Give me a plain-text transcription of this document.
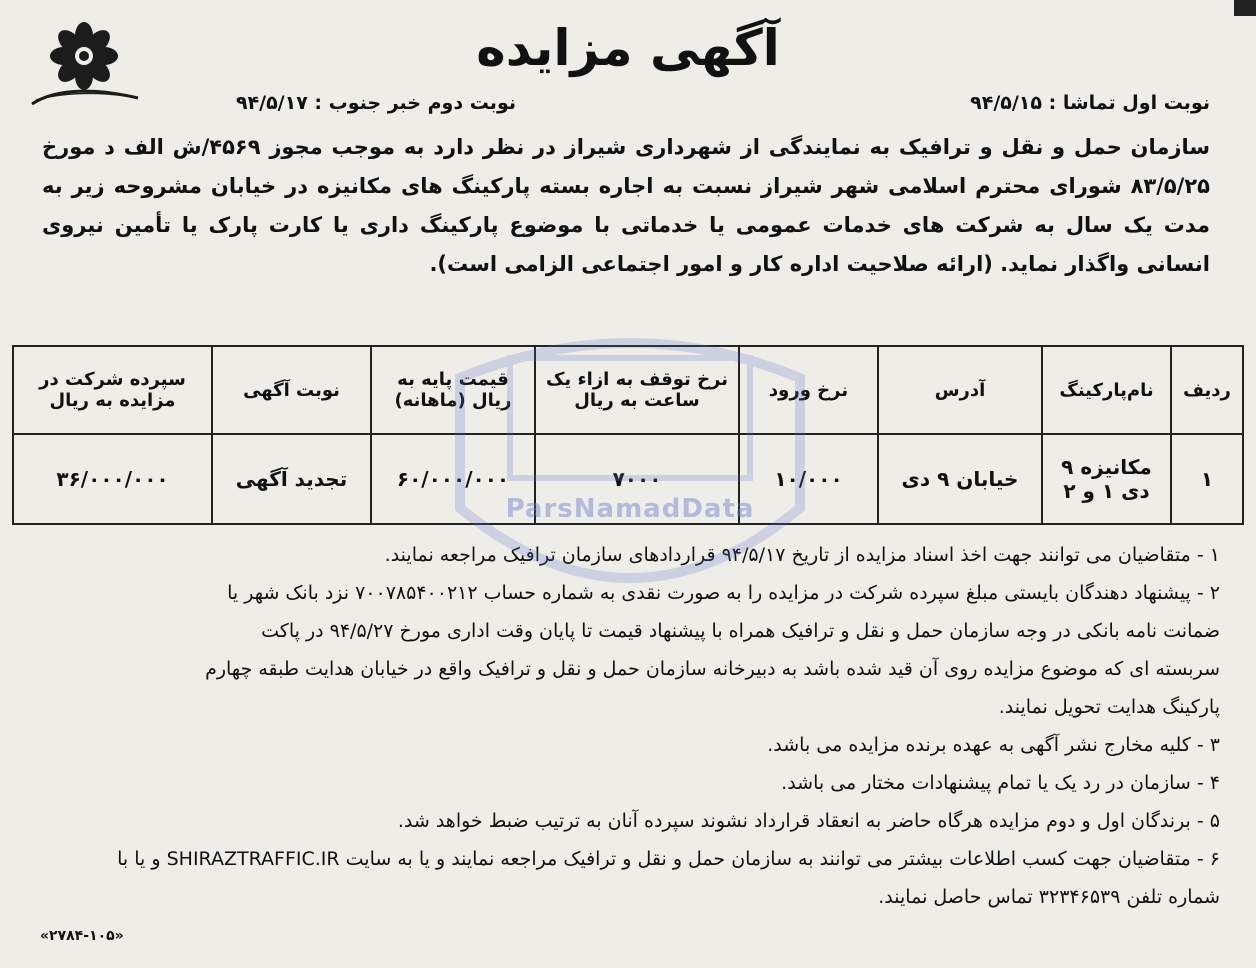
آگهی مزایده
نوبت اول تماشا : ۹۴/۵/۱۵
نوبت دوم خبر جنوب : ۹۴/۵/۱۷
سازمان حمل و نقل و ترافیک به نمایندگی از شهرداری شیراز در نظر دارد به موجب مجوز ۴۵۶۹/ش الف د مورخ ۸۳/۵/۲۵ شورای محترم اسلامی شهر شیراز نسبت به اجاره بسته پارکینگ های مکانیزه در خیابان مشروحه زیر به مدت یک سال به شرکت های خدمات عمومی یا خدماتی با موضوع پارکینگ داری یا کارت پارک یا تأمین نیروی انسانی واگذار نماید. (ارائه صلاحیت اداره کار و امور اجتماعی الزامی است).
ردیف	نام‌پارکینگ	آدرس	نرخ ورود	نرخ توقف به ازاء یک ساعت به ریال	قیمت پایه به ریال (ماهانه)	نوبت آگهی	سپرده شرکت در مزایده به ریال
۱	مکانیزه ۹ دی ۱ و ۲	خیابان ۹ دی	۱۰/۰۰۰	۷۰۰۰	۶۰/۰۰۰/۰۰۰	تجدید آگهی	۳۶/۰۰۰/۰۰۰
۱ - متقاضیان می توانند جهت اخذ اسناد مزایده از تاریخ ۹۴/۵/۱۷ قراردادهای سازمان ترافیک مراجعه نمایند.
۲ - پیشنهاد دهندگان بایستی مبلغ سپرده شرکت در مزایده را به صورت نقدی به شماره حساب ۷۰۰۷۸۵۴۰۰۲۱۲ نزد بانک شهر یا
ضمانت نامه بانکی در وجه سازمان حمل و نقل و ترافیک همراه با پیشنهاد قیمت تا پایان وقت اداری مورخ ۹۴/۵/۲۷ در پاکت
سربسته ای که موضوع مزایده روی آن قید شده باشد به دبیرخانه سازمان حمل و نقل و ترافیک واقع در خیابان هدایت طبقه چهارم
پارکینگ هدایت تحویل نمایند.
۳ - کلیه مخارج نشر آگهی به عهده برنده مزایده می باشد.
۴ - سازمان در رد یک یا تمام پیشنهادات مختار می باشد.
۵ - برندگان اول و دوم مزایده هرگاه حاضر به انعقاد قرارداد نشوند سپرده آنان به ترتیب ضبط خواهد شد.
۶ - متقاضیان جهت کسب اطلاعات بیشتر می توانند به سازمان حمل و نقل و ترافیک مراجعه نمایند و یا به سایت SHIRAZTRAFFIC.IR و یا با
شماره تلفن ۳۲۳۴۶۵۳۹ تماس حاصل نمایند.
«۲۷۸۴-۱۰۵»
ParsNamadData
